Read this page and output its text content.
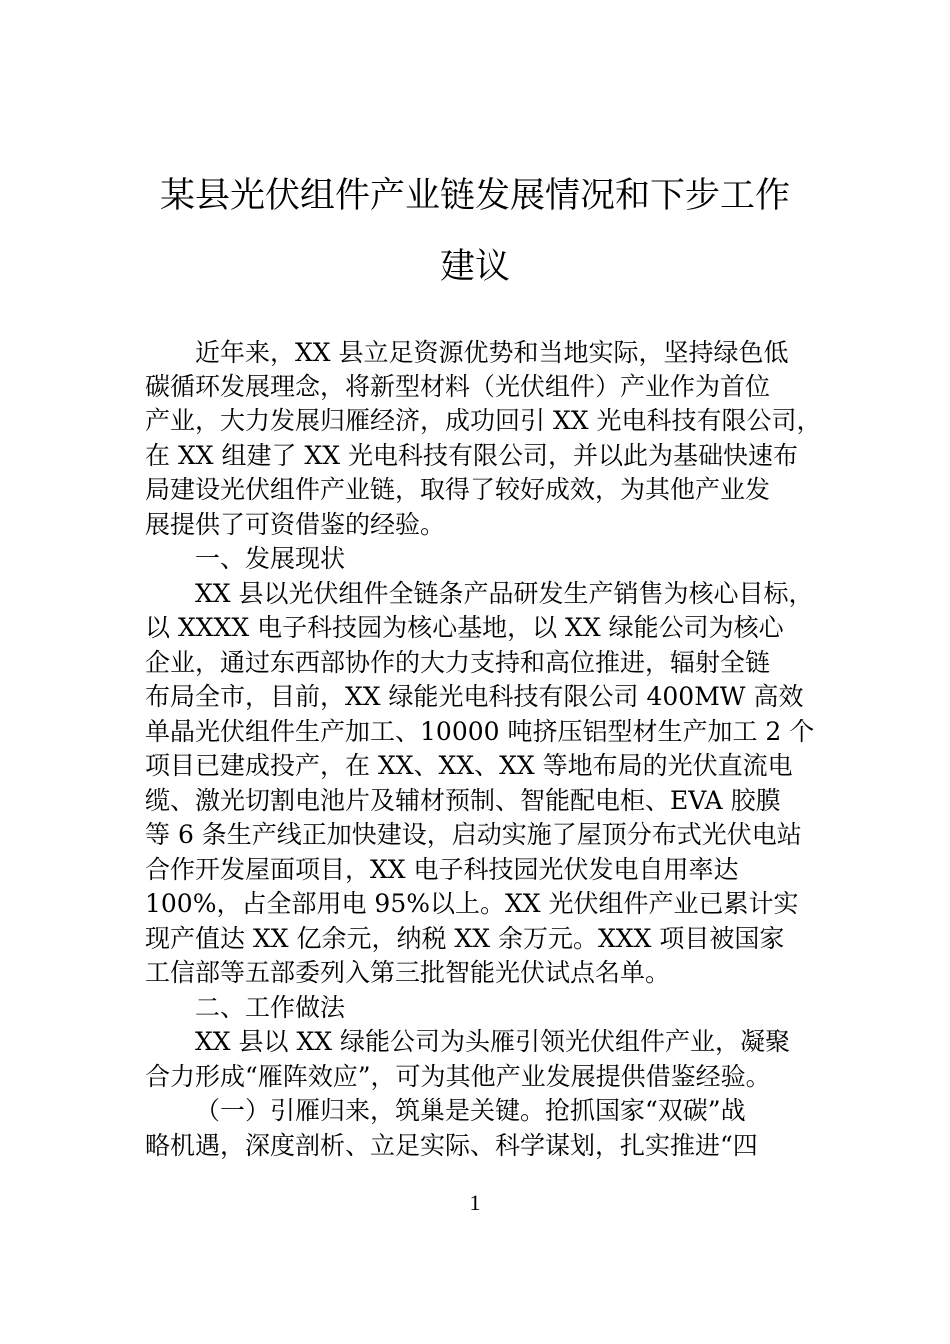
某县光伏组件产业链发展情况和下步工作
建议
近年来，XX 县立足资源优势和当地实际，坚持绿色低
碳循环发展理念，将新型材料（光伏组件）产业作为首位
产业，大力发展归雁经济，成功回引 XX 光电科技有限公司，
在 XX 组建了 XX 光电科技有限公司，并以此为基础快速布
局建设光伏组件产业链，取得了较好成效，为其他产业发
展提供了可资借鉴的经验。
一、发展现状
XX 县以光伏组件全链条产品研发生产销售为核心目标，
以 XXXX 电子科技园为核心基地，以 XX 绿能公司为核心
企业，通过东西部协作的大力支持和高位推进，辐射全链
布局全市，目前，XX 绿能光电科技有限公司 400MW 高效
单晶光伏组件生产加工、10000 吨挤压铝型材生产加工 2 个
项目已建成投产，在 XX、XX、XX 等地布局的光伏直流电
缆、激光切割电池片及辅材预制、智能配电柜、EVA 胶膜
等 6 条生产线正加快建设，启动实施了屋顶分布式光伏电站
合作开发屋面项目，XX 电子科技园光伏发电自用率达
100%，占全部用电 95%以上。XX 光伏组件产业已累计实
现产值达 XX 亿余元，纳税 XX 余万元。XXX 项目被国家
工信部等五部委列入第三批智能光伏试点名单。
二、工作做法
XX 县以 XX 绿能公司为头雁引领光伏组件产业，凝聚
合力形成“雁阵效应”，可为其他产业发展提供借鉴经验。
（一）引雁归来，筑巢是关键。抢抓国家“双碳”战
略机遇，深度剖析、立足实际、科学谋划，扎实推进“四
1
